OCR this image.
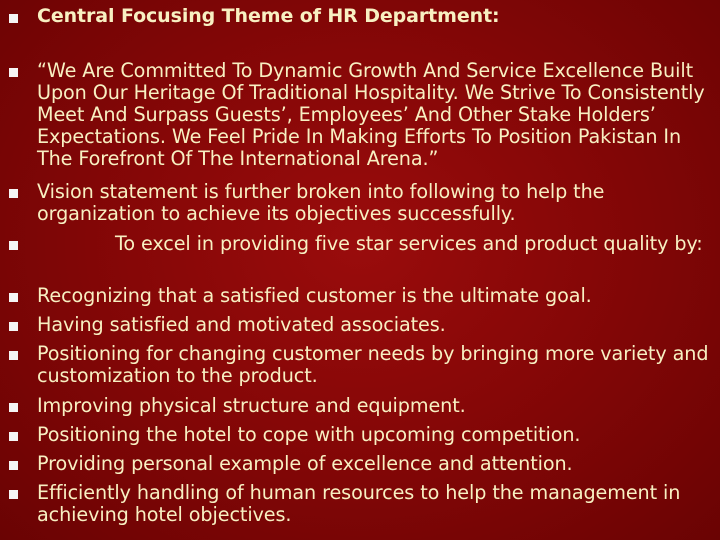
Central Focusing Theme of HR Department:
“We Are Committed To Dynamic Growth And Service Excellence Built Upon Our Heritage Of Traditional Hospitality. We Strive To Consistently Meet And Surpass Guests’, Employees’ And Other Stake Holders’ Expectations. We Feel Pride In Making Efforts To Position Pakistan In The Forefront Of The International Arena.”
Vision statement is further broken into following to help the organization to achieve its objectives successfully.
To excel in providing five star services and product quality by:
Recognizing that a satisfied customer is the ultimate goal.
Having satisfied and motivated associates.
Positioning for changing customer needs by bringing more variety and customization to the product.
Improving physical structure and equipment.
Positioning the hotel to cope with upcoming competition.
Providing personal example of excellence and attention.
Efficiently handling of human resources to help the management in achieving hotel objectives.
